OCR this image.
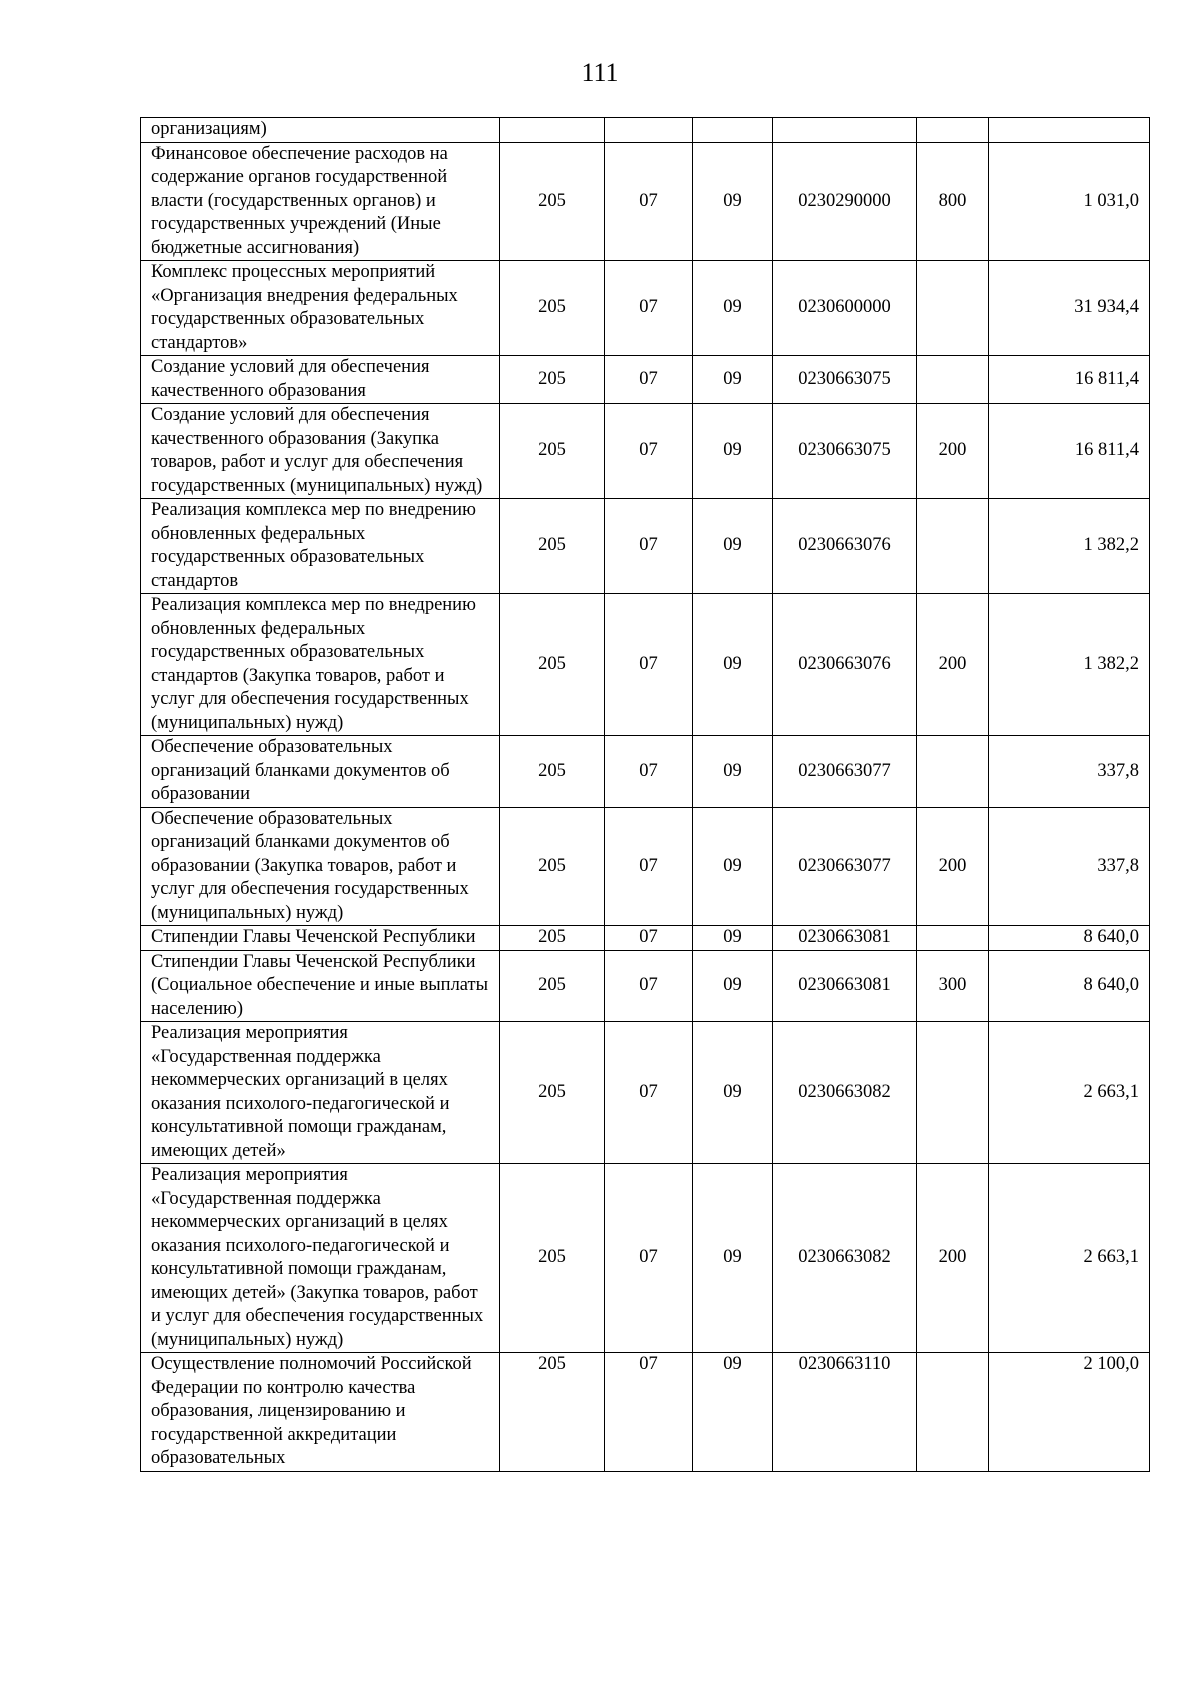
111
организациям)						
Финансовое обеспечение расходов на содержание органов государственной власти (государственных органов) и государственных учреждений (Иные бюджетные ассигнования)	205	07	09	0230290000	800	1 031,0
Комплекс процессных мероприятий «Организация внедрения федеральных государственных образовательных стандартов»	205	07	09	0230600000		31 934,4
Создание условий для обеспечения качественного образования	205	07	09	0230663075		16 811,4
Создание условий для обеспечения качественного образования (Закупка товаров, работ и услуг для обеспечения государственных (муниципальных) нужд)	205	07	09	0230663075	200	16 811,4
Реализация комплекса мер по внедрению обновленных федеральных государственных образовательных стандартов	205	07	09	0230663076		1 382,2
Реализация комплекса мер по внедрению обновленных федеральных государственных образовательных стандартов (Закупка товаров, работ и услуг для обеспечения государственных (муниципальных) нужд)	205	07	09	0230663076	200	1 382,2
Обеспечение образовательных организаций бланками документов об образовании	205	07	09	0230663077		337,8
Обеспечение образовательных организаций бланками документов об образовании (Закупка товаров, работ и услуг для обеспечения государственных (муниципальных) нужд)	205	07	09	0230663077	200	337,8
Стипендии Главы Чеченской Республики	205	07	09	0230663081		8 640,0
Стипендии Главы Чеченской Республики (Социальное обеспечение и иные выплаты населению)	205	07	09	0230663081	300	8 640,0
Реализация мероприятия «Государственная поддержка некоммерческих организаций в целях оказания психолого-педагогической и консультативной помощи гражданам, имеющих детей»	205	07	09	0230663082		2 663,1
Реализация мероприятия «Государственная поддержка некоммерческих организаций в целях оказания психолого-педагогической и консультативной помощи гражданам, имеющих детей» (Закупка товаров, работ и услуг для обеспечения государственных (муниципальных) нужд)	205	07	09	0230663082	200	2 663,1
Осуществление полномочий Российской Федерации по контролю качества образования, лицензированию и государственной аккредитации образовательных	205	07	09	0230663110		2 100,0
